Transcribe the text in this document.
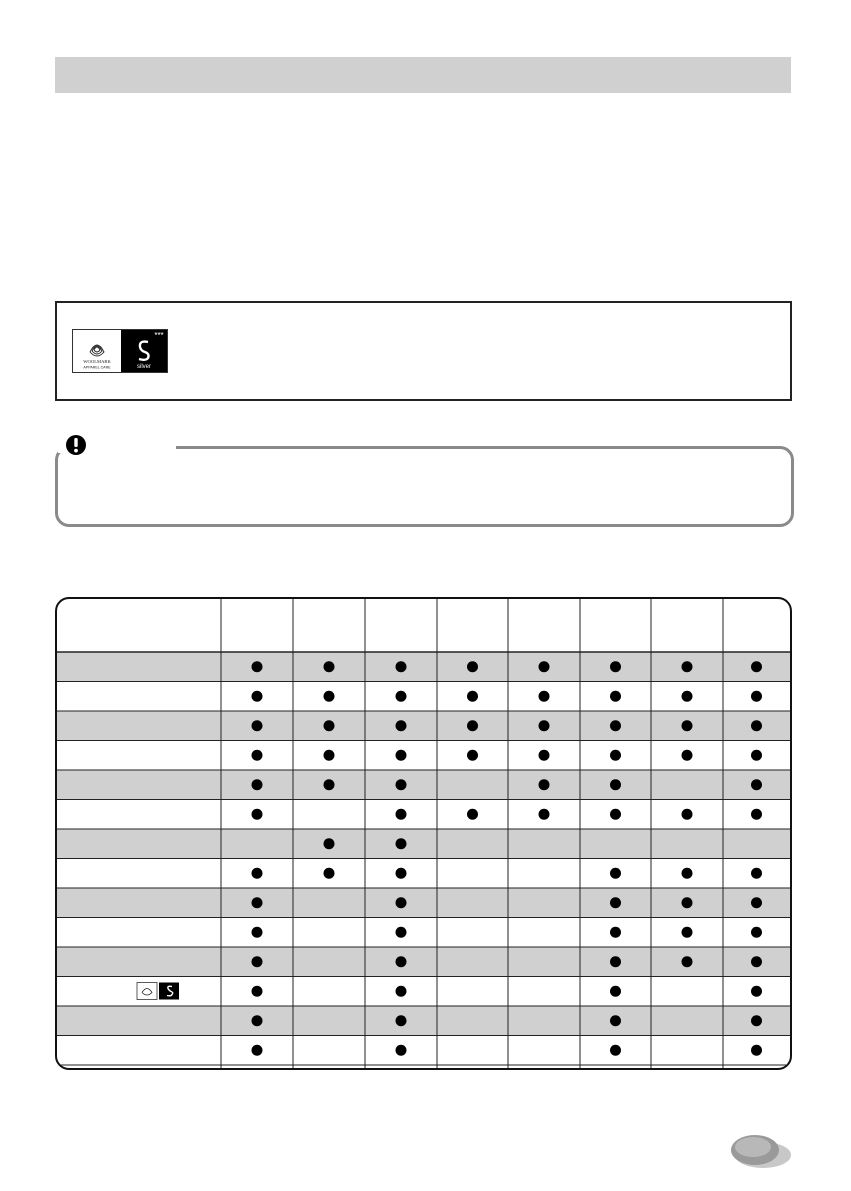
WOOLMARK
APPAREL CARE
***
silver
